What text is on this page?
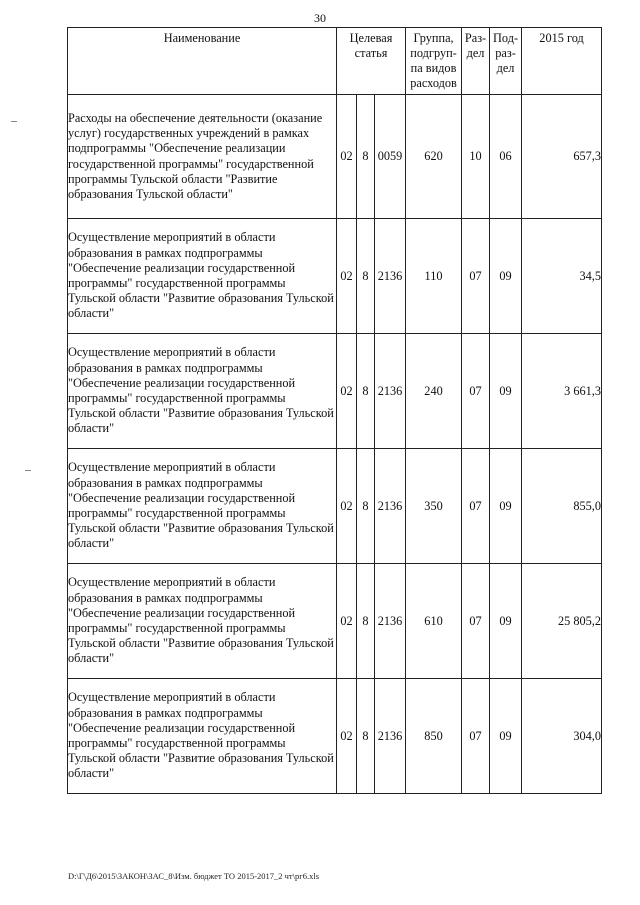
30
Наименование	Целевая статья			Группа, подгруп-па видов расходов	Раз-дел	Под-раз-дел	2015 год
Расходы на обеспечение деятельности (оказание услуг) государственных учреждений в рамках подпрограммы "Обеспечение реализации государственной программы" государственной программы Тульской области "Развитие образования Тульской области"	02	8	0059	620	10	06	657,3
Осуществление мероприятий в области образования в рамках подпрограммы "Обеспечение реализации государственной программы" государственной программы Тульской области "Развитие образования Тульской области"	02	8	2136	110	07	09	34,5
Осуществление мероприятий в области образования в рамках подпрограммы "Обеспечение реализации государственной программы" государственной программы Тульской области "Развитие образования Тульской области"	02	8	2136	240	07	09	3 661,3
Осуществление мероприятий в области образования в рамках подпрограммы "Обеспечение реализации государственной программы" государственной программы Тульской области "Развитие образования Тульской области"	02	8	2136	350	07	09	855,0
Осуществление мероприятий в области образования в рамках подпрограммы "Обеспечение реализации государственной программы" государственной программы Тульской области "Развитие образования Тульской области"	02	8	2136	610	07	09	25 805,2
Осуществление мероприятий в области образования в рамках подпрограммы "Обеспечение реализации государственной программы" государственной программы Тульской области "Развитие образования Тульской области"	02	8	2136	850	07	09	304,0
D:\Г\Д6\2015\ЗАКОН\ЗАС_8\Изм. бюджет ТО 2015-2017_2 чт\рг6.xls
